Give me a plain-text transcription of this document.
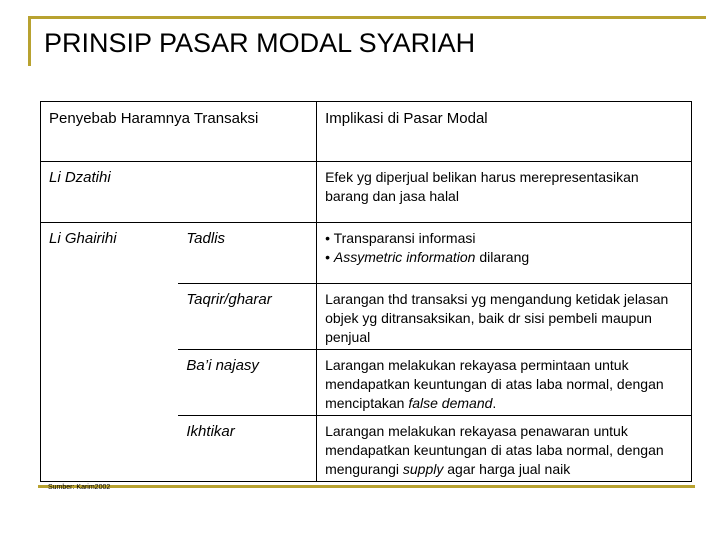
PRINSIP PASAR MODAL SYARIAH
Penyebab Haramnya Transaksi		Implikasi di Pasar Modal
Li Dzatihi		Efek yg diperjual belikan harus merepresentasikan barang dan jasa halal
Li Ghairihi	Tadlis	• Transparansi informasi
• Assymetric information dilarang

	Taqrir/gharar	Larangan thd transaksi yg mengandung ketidak jelasan objek yg ditransaksikan, baik dr sisi pembeli maupun penjual
	Ba’i najasy	Larangan melakukan rekayasa permintaan untuk mendapatkan keuntungan di atas laba normal, dengan menciptakan false demand.
	Ikhtikar	Larangan melakukan rekayasa penawaran untuk mendapatkan keuntungan di atas laba normal, dengan mengurangi supply agar harga jual naik
Sumber: Karim2002
